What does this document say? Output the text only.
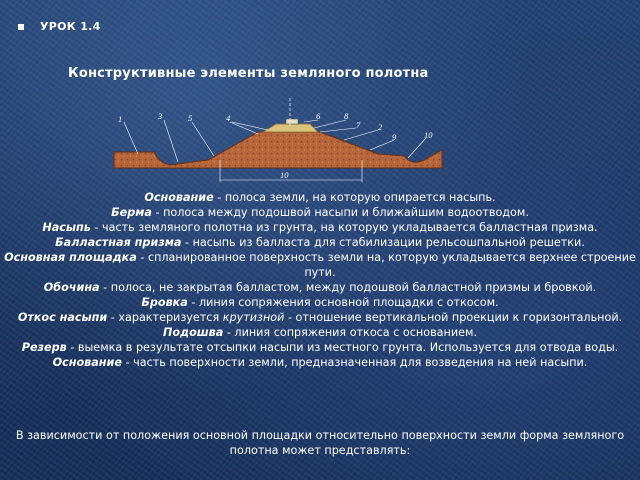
УРОК 1.4
Конструктивные элементы земляного полотна
1	3	5	4	6	8
7 2
9	10
10

Основание - полоса земли, на которую опирается насыпь.

Берма - полоса между подошвой насыпи и ближайшим водоотводом.

Насыпь - часть земляного полотна из грунта, на которую укладывается балластная призма.

Балластная призма - насыпь из балласта для стабилизации рельсошпальной решетки.

Основная площадка - спланированное поверхность земли на, которую укладывается верхнее строение пути.

Обочина - полоса, не закрытая балластом, между подошвой балластной призмы и бровкой.

Бровка - линия сопряжения основной площадки с откосом.

Откос насыпи - характеризуется крутизной - отношение вертикальной проекции к горизонтальной.

Подошва - линия сопряжения откоса с основанием.

Резерв - выемка в результате отсыпки насыпи из местного грунта. Используется для отвода воды.

Основание - часть поверхности земли, предназначенная для возведения на ней насыпи.

В зависимости от положения основной площадки относительно поверхности земли форма земляного полотна может представлять:
